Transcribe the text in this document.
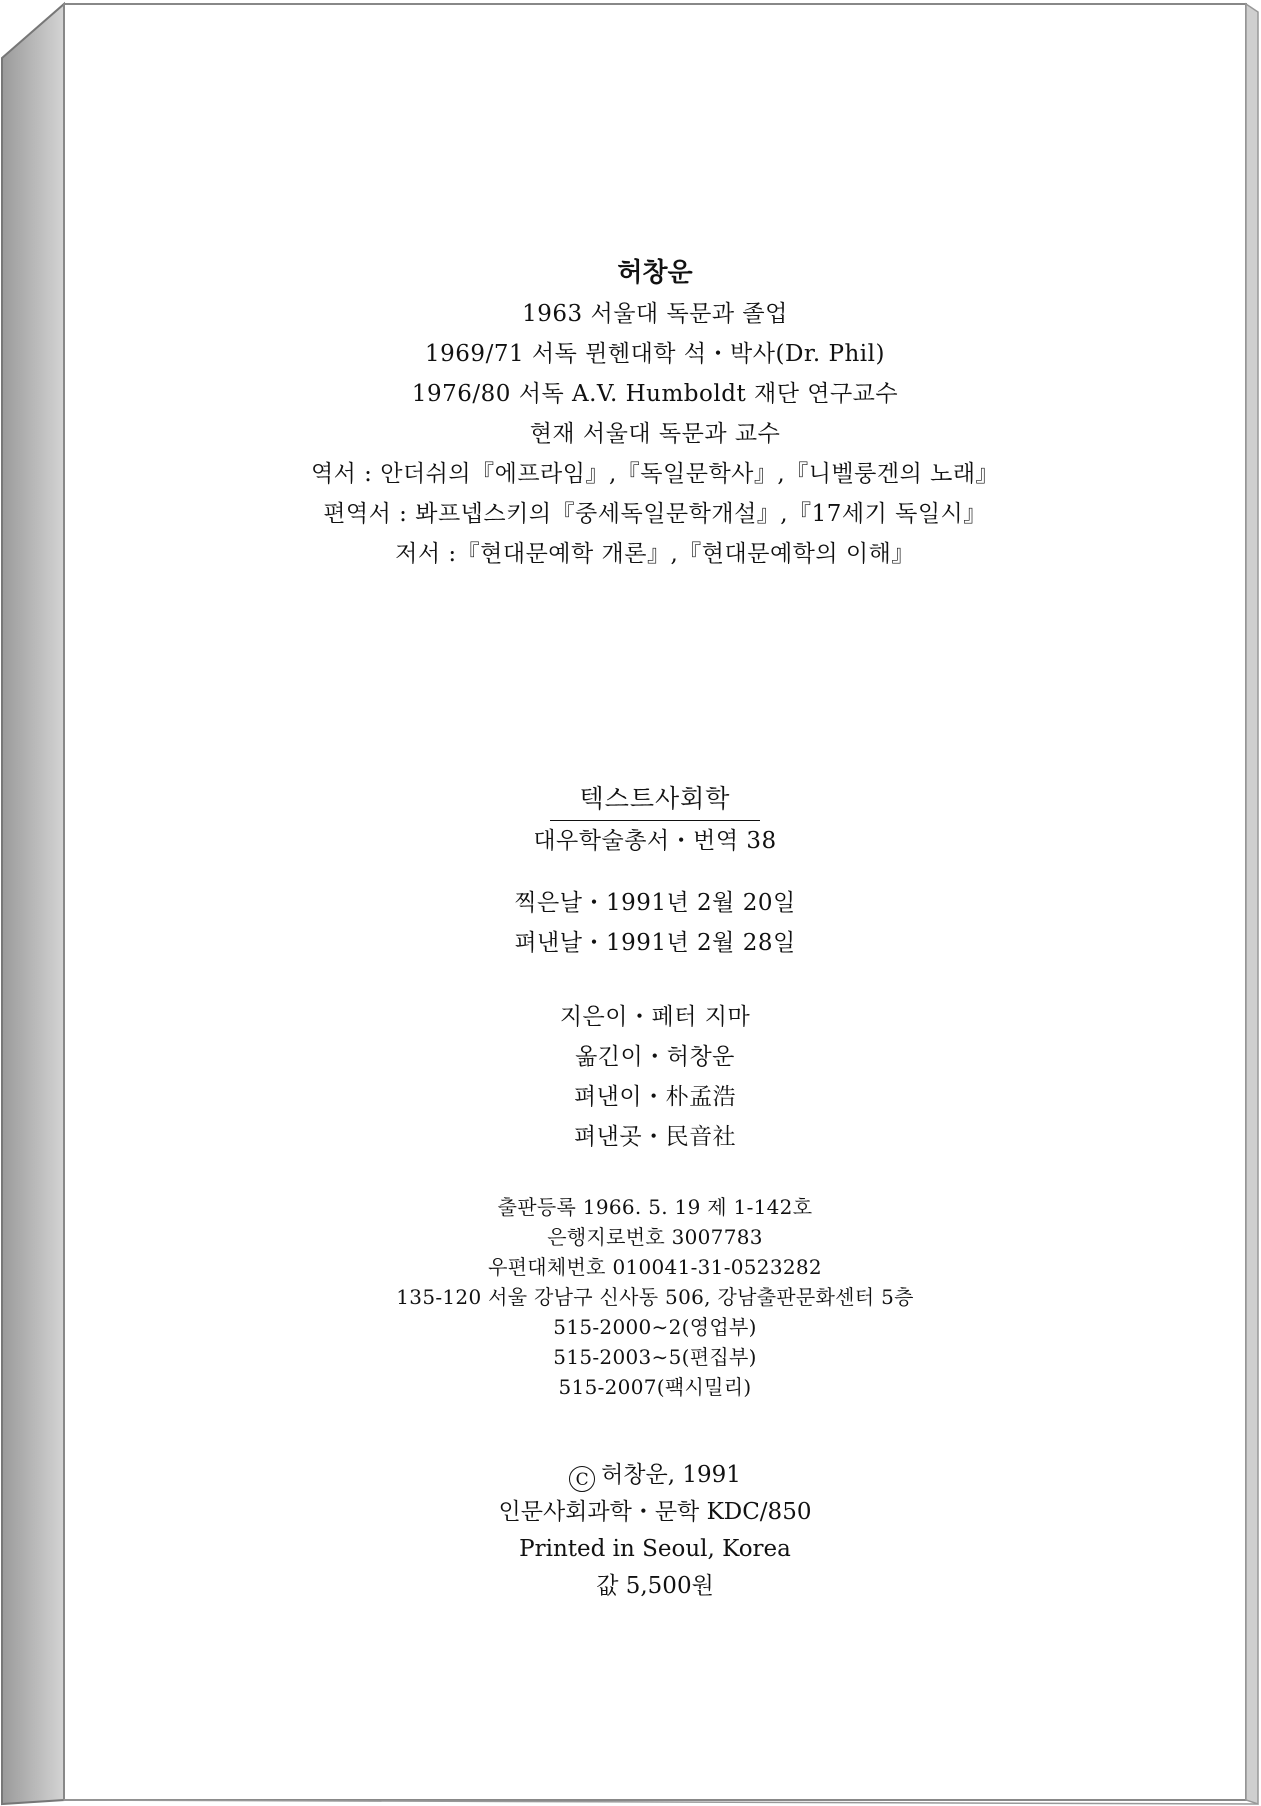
허창운
1963 서울대 독문과 졸업
1969/71 서독 뮌헨대학 석・박사(Dr. Phil)
1976/80 서독 A.V. Humboldt 재단 연구교수
현재 서울대 독문과 교수
역서 : 안더쉬의『에프라임』,『독일문학사』,『니벨룽겐의 노래』
편역서 : 봐프넵스키의『중세독일문학개설』,『17세기 독일시』
저서 :『현대문예학 개론』,『현대문예학의 이해』
텍스트사회학
대우학술총서・번역 38
찍은날・1991년 2월 20일
펴낸날・1991년 2월 28일
지은이・페터 지마
옮긴이・허창운
펴낸이・朴孟浩
펴낸곳・民音社
출판등록 1966. 5. 19 제 1-142호
은행지로번호 3007783
우편대체번호 010041-31-0523282
135-120 서울 강남구 신사동 506, 강남출판문화센터 5층
515-2000∼2(영업부)
515-2003∼5(편집부)
515-2007(팩시밀리)
C 허창운, 1991
인문사회과학・문학 KDC/850
Printed in Seoul, Korea
값 5,500원
